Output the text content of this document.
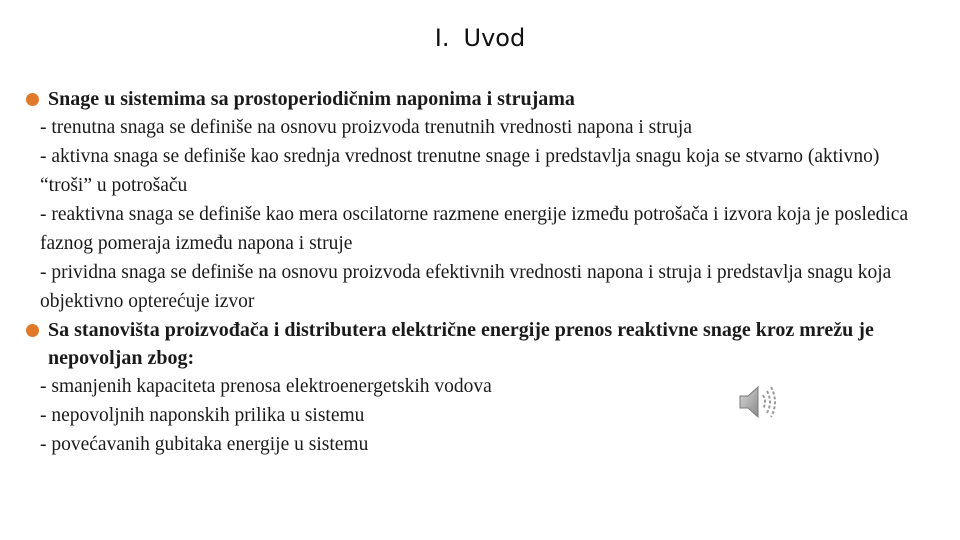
I. Uvod
Snage u sistemima sa prostoperiodičnim naponima i strujama
- trenutna snaga se definiše na osnovu proizvoda trenutnih vrednosti napona i struja
- aktivna snaga se definiše kao srednja vrednost trenutne snage i predstavlja snagu koja se stvarno (aktivno) “troši” u potrošaču
- reaktivna snaga se definiše kao mera oscilatorne razmene energije između potrošača i izvora koja je posledica faznog pomeraja između napona i struje
- prividna snaga se definiše na osnovu proizvoda efektivnih vrednosti napona i struja i predstavlja snagu koja objektivno opterećuje izvor
Sa stanovišta proizvođača i distributera električne energije prenos reaktivne snage kroz mrežu je nepovoljan zbog:
- smanjenih kapaciteta prenosa elektroenergetskih vodova
- nepovoljnih naponskih prilika u sistemu
- povećavanih gubitaka energije u sistemu
